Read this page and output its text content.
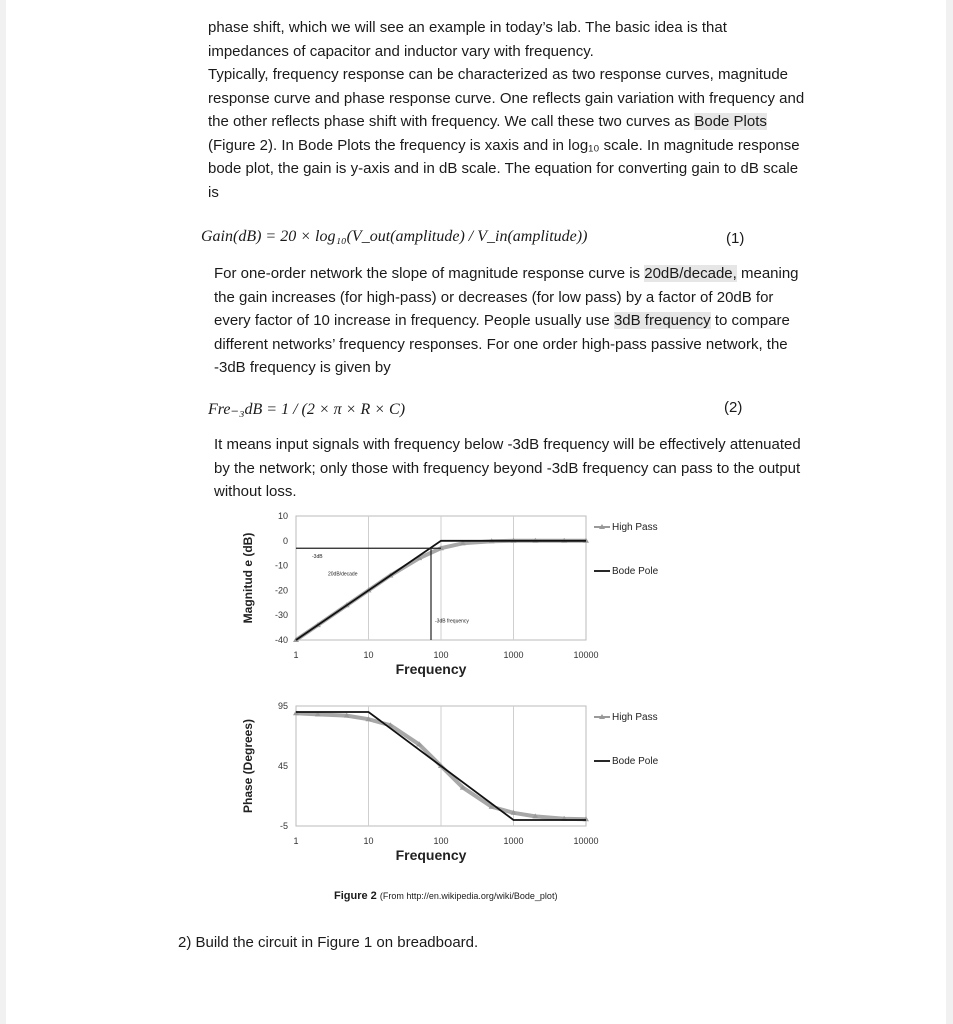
phase shift, which we will see an example in today’s lab. The basic idea is that impedances of capacitor and inductor vary with frequency.

Typically, frequency response can be characterized as two response curves, magnitude response curve and phase response curve. One reflects gain variation with frequency and the other reflects phase shift with frequency. We call these two curves as Bode Plots (Figure 2). In Bode Plots the frequency is xaxis and in log₁₀ scale. In magnitude response bode plot, the gain is y-axis and in dB scale. The equation for converting gain to dB scale is

Gain(dB) = 20 × log₁₀(V_out(amplitude) / V_in(amplitude))	(1)

For one-order network the slope of magnitude response curve is 20dB/decade, meaning the gain increases (for high-pass) or decreases (for low pass) by a factor of 20dB for every factor of 10 increase in frequency. People usually use 3dB frequency to compare different networks’ frequency responses. For one order high-pass passive network, the -3dB frequency is given by

Fre₋₃dB = 1 / (2 × π × R × C)	(2)

It means input signals with frequency below -3dB frequency will be effectively attenuated by the network; only those with frequency beyond -3dB frequency can pass to the output without loss.

10
0
-10
-20
-30
-40
1	10	100	1000	10000
Frequency
Magnitud e (dB)
High Pass
Bode Pole
-3dB
20dB/decade
-3dB frequency
95
45
-5
1	10	100	1000	10000
Frequency
Phase (Degrees)
High Pass
Bode Pole
Figure 2 (From http://en.wikipedia.org/wiki/Bode_plot)
2) Build the circuit in Figure 1 on breadboard.
